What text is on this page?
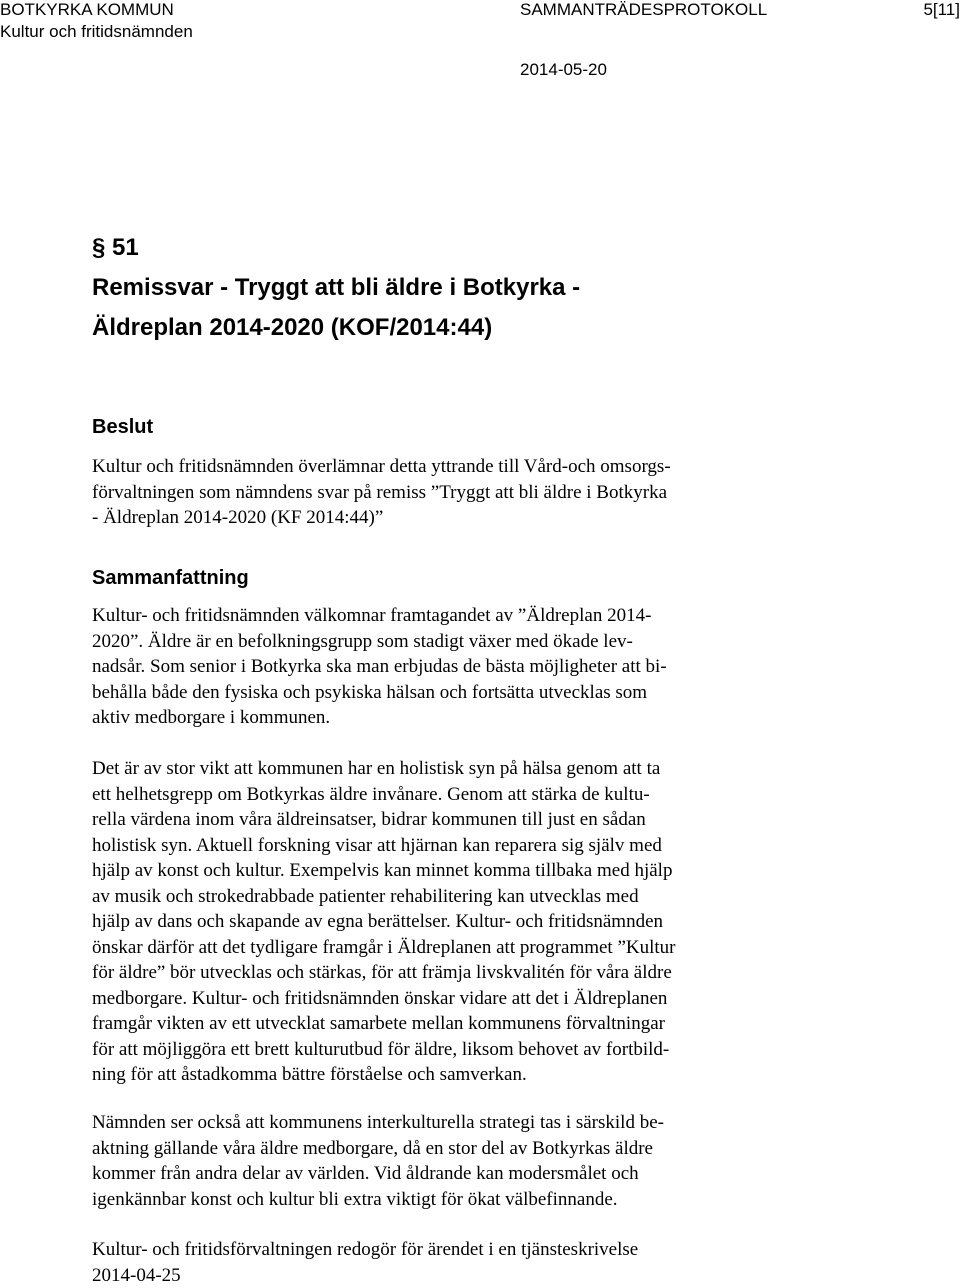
BOTKYRKA KOMMUN
Kultur och fritidsnämnden
SAMMANTRÄDESPROTOKOLL	5[11]
2014-05-20
§ 51
Remissvar - Tryggt att bli äldre i Botkyrka -
Äldreplan 2014-2020 (KOF/2014:44)
Beslut
Kultur och fritidsnämnden överlämnar detta yttrande till Vård-och omsorgs-
förvaltningen som nämndens svar på remiss ”Tryggt att bli äldre i Botkyrka
- Äldreplan 2014-2020 (KF 2014:44)”
Sammanfattning
Kultur- och fritidsnämnden välkomnar framtagandet av ”Äldreplan 2014-
2020”. Äldre är en befolkningsgrupp som stadigt växer med ökade lev-
nadsår. Som senior i Botkyrka ska man erbjudas de bästa möjligheter att bi-
behålla både den fysiska och psykiska hälsan och fortsätta utvecklas som
aktiv medborgare i kommunen.
Det är av stor vikt att kommunen har en holistisk syn på hälsa genom att ta
ett helhetsgrepp om Botkyrkas äldre invånare. Genom att stärka de kultu-
rella värdena inom våra äldreinsatser, bidrar kommunen till just en sådan
holistisk syn. Aktuell forskning visar att hjärnan kan reparera sig själv med
hjälp av konst och kultur. Exempelvis kan minnet komma tillbaka med hjälp
av musik och strokedrabbade patienter rehabilitering kan utvecklas med
hjälp av dans och skapande av egna berättelser. Kultur- och fritidsnämnden
önskar därför att det tydligare framgår i Äldreplanen att programmet ”Kultur
för äldre” bör utvecklas och stärkas, för att främja livskvalitén för våra äldre
medborgare. Kultur- och fritidsnämnden önskar vidare att det i Äldreplanen
framgår vikten av ett utvecklat samarbete mellan kommunens förvaltningar
för att möjliggöra ett brett kulturutbud för äldre, liksom behovet av fortbild-
ning för att åstadkomma bättre förståelse och samverkan.
Nämnden ser också att kommunens interkulturella strategi tas i särskild be-
aktning gällande våra äldre medborgare, då en stor del av Botkyrkas äldre
kommer från andra delar av världen. Vid åldrande kan modersmålet och
igenkännbar konst och kultur bli extra viktigt för ökat välbefinnande.
Kultur- och fritidsförvaltningen redogör för ärendet i en tjänsteskrivelse
2014-04-25
